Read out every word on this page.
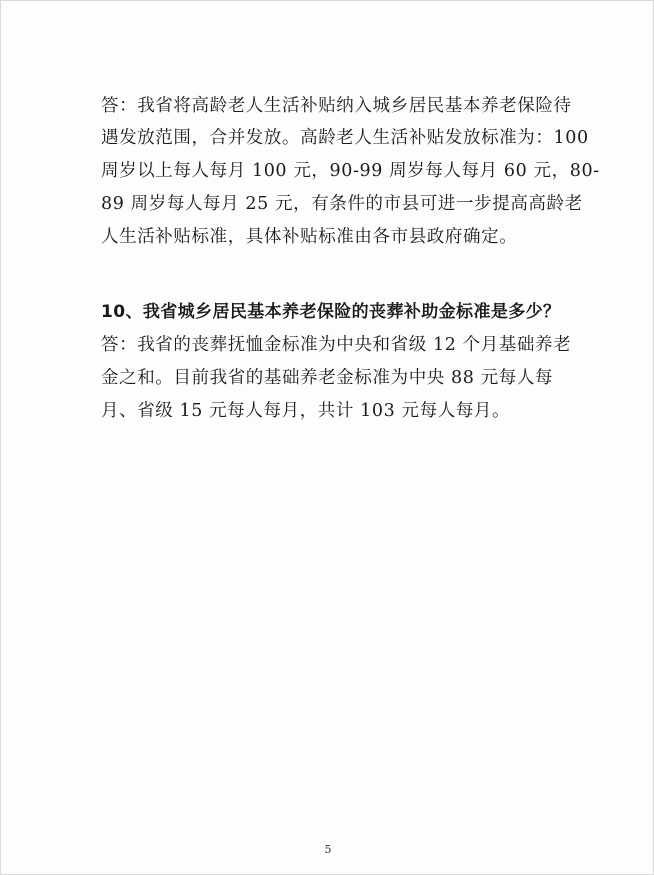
答：我省将高龄老人生活补贴纳入城乡居民基本养老保险待
遇发放范围，合并发放。高龄老人生活补贴发放标准为：100
周岁以上每人每月 100 元，90-99 周岁每人每月 60 元，80-
89 周岁每人每月 25 元，有条件的市县可进一步提高高龄老
人生活补贴标准，具体补贴标准由各市县政府确定。
10、我省城乡居民基本养老保险的丧葬补助金标准是多少？
答：我省的丧葬抚恤金标准为中央和省级 12 个月基础养老
金之和。目前我省的基础养老金标准为中央 88 元每人每
月、省级 15 元每人每月，共计 103 元每人每月。
5
